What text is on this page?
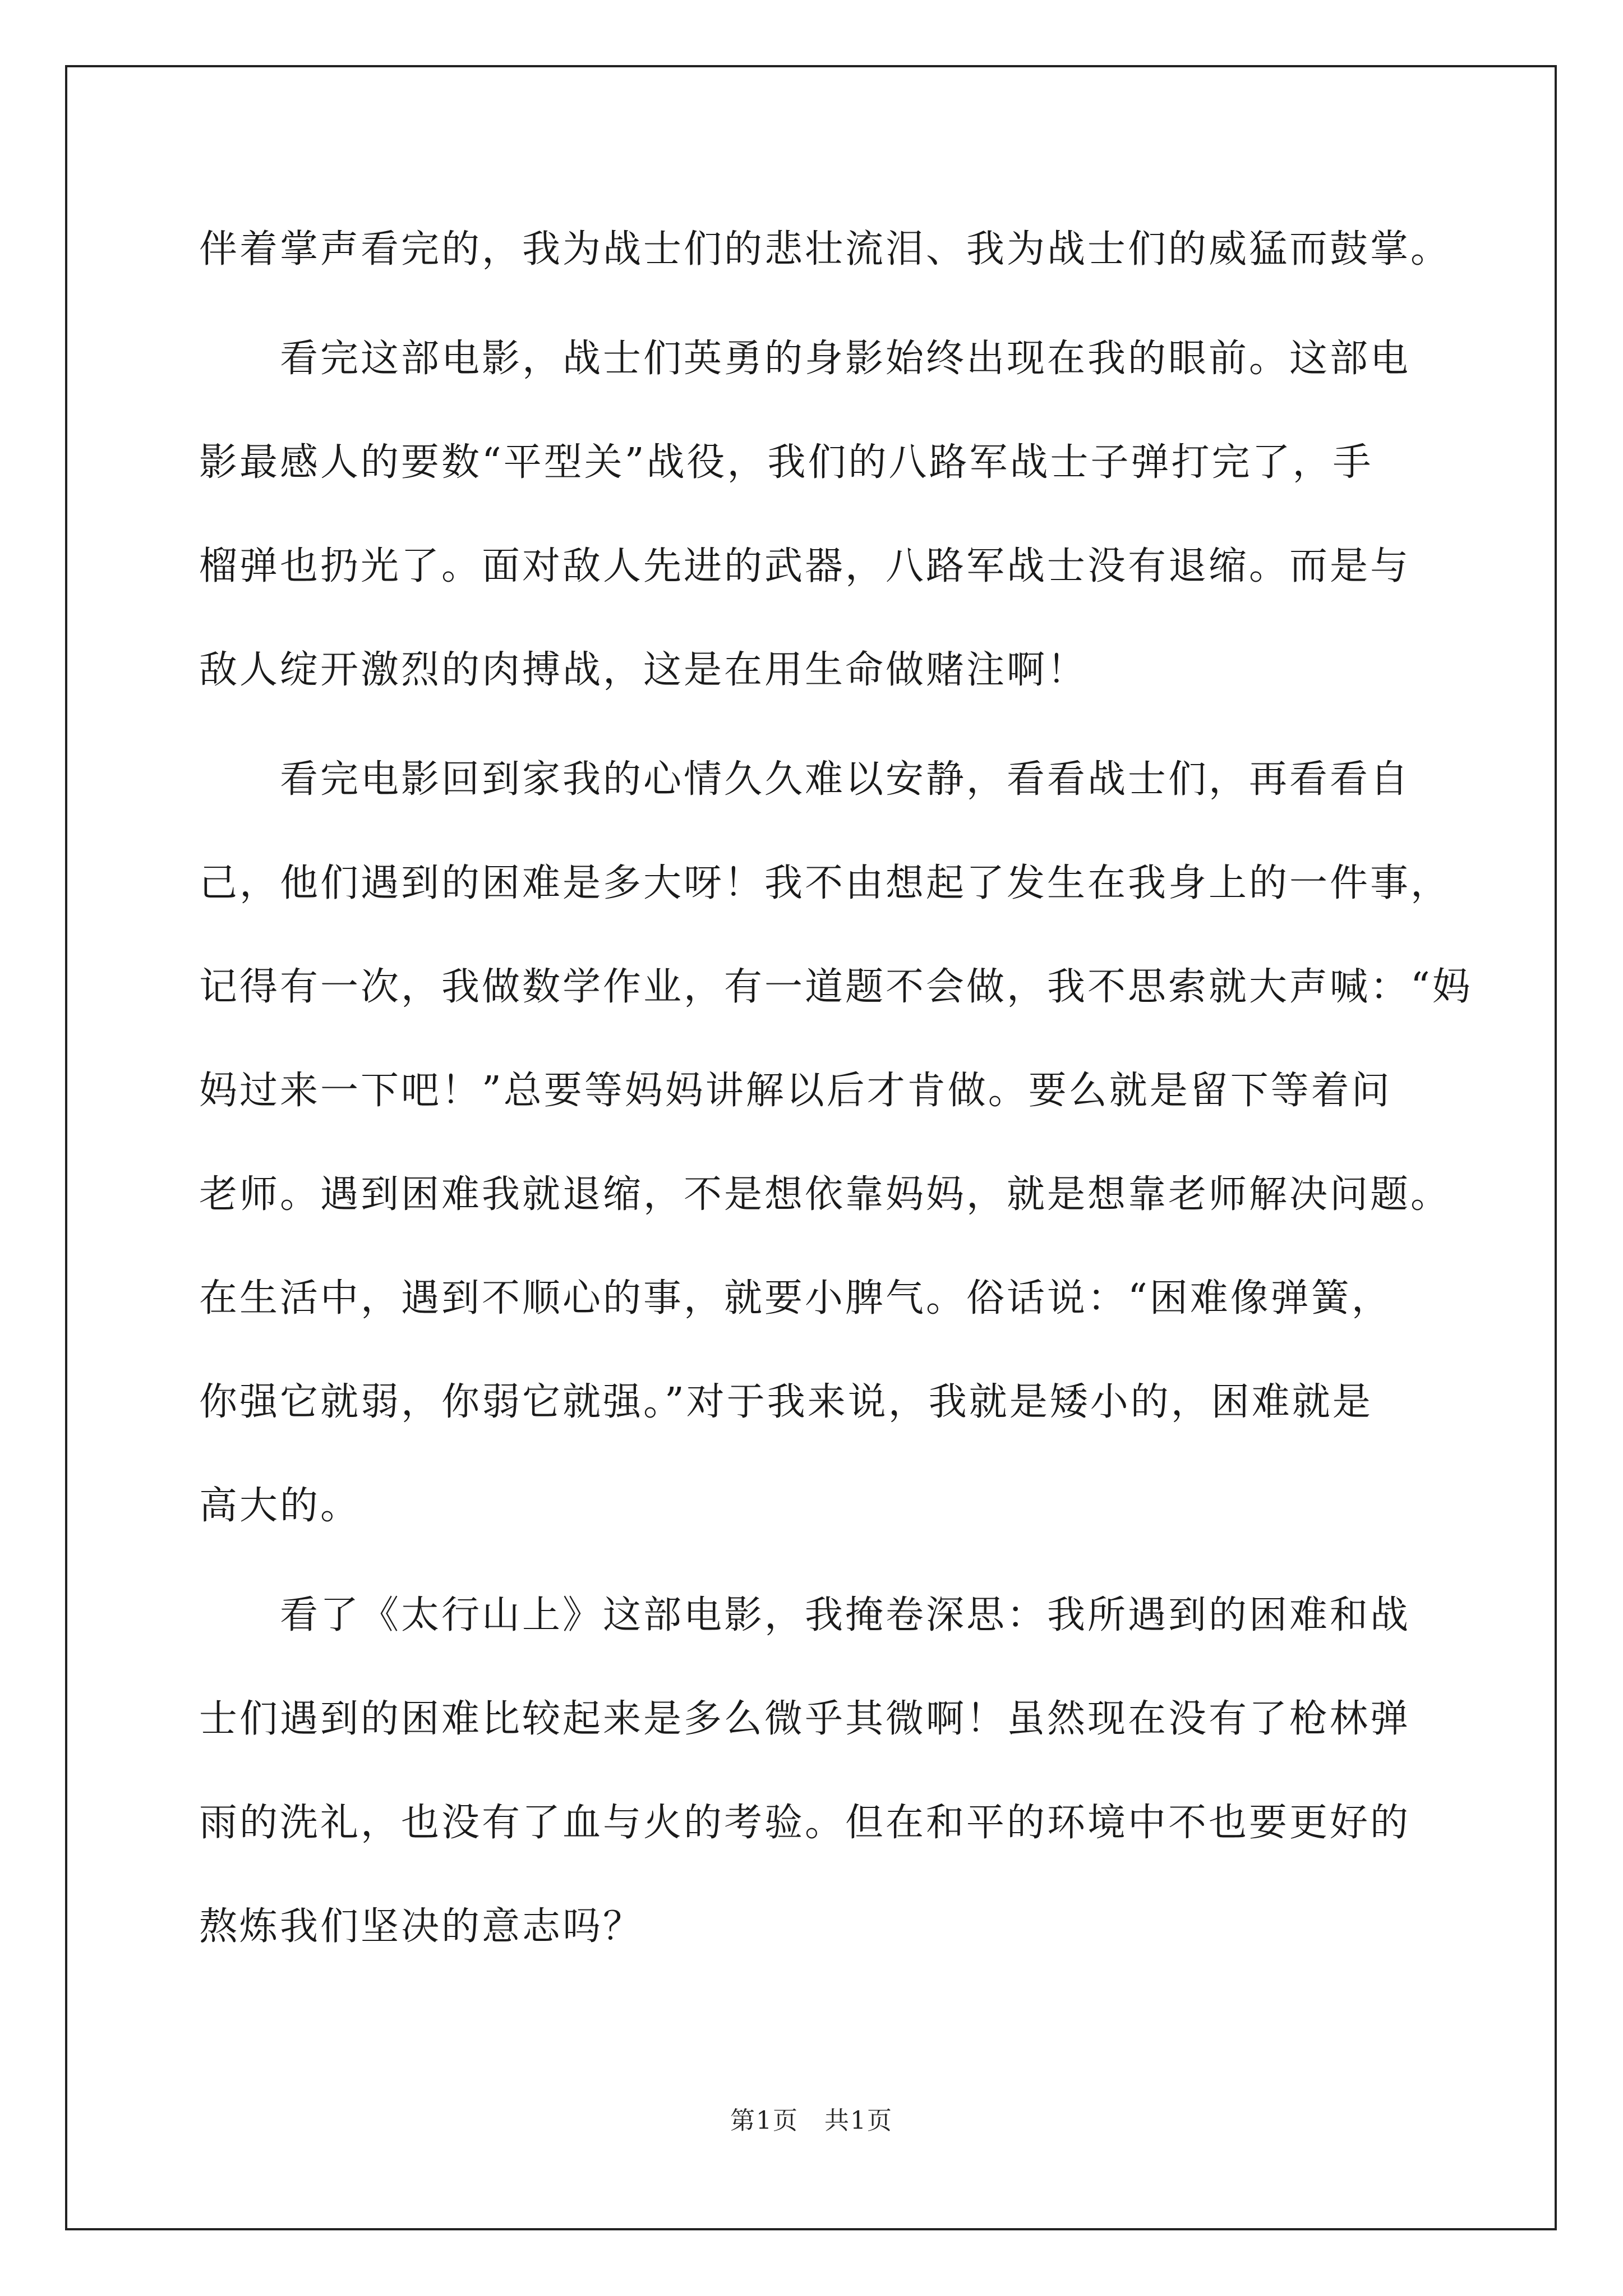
伴着掌声看完的，我为战士们的悲壮流泪、我为战士们的威猛而鼓掌。
　　看完这部电影，战士们英勇的身影始终出现在我的眼前。这部电
影最感人的要数“平型关”战役，我们的八路军战士子弹打完了，手
榴弹也扔光了。面对敌人先进的武器，八路军战士没有退缩。而是与
敌人绽开激烈的肉搏战，这是在用生命做赌注啊！
　　看完电影回到家我的心情久久难以安静，看看战士们，再看看自
己，他们遇到的困难是多大呀！我不由想起了发生在我身上的一件事，
记得有一次，我做数学作业，有一道题不会做，我不思索就大声喊：“妈
妈过来一下吧！”总要等妈妈讲解以后才肯做。要么就是留下等着问
老师。遇到困难我就退缩，不是想依靠妈妈，就是想靠老师解决问题。
在生活中，遇到不顺心的事，就要小脾气。俗话说：“困难像弹簧，
你强它就弱，你弱它就强。”对于我来说，我就是矮小的，困难就是
高大的。
　　看了《太行山上》这部电影，我掩卷深思：我所遇到的困难和战
士们遇到的困难比较起来是多么微乎其微啊！虽然现在没有了枪林弹
雨的洗礼，也没有了血与火的考验。但在和平的环境中不也要更好的
熬炼我们坚决的意志吗？
第1页　共1页
